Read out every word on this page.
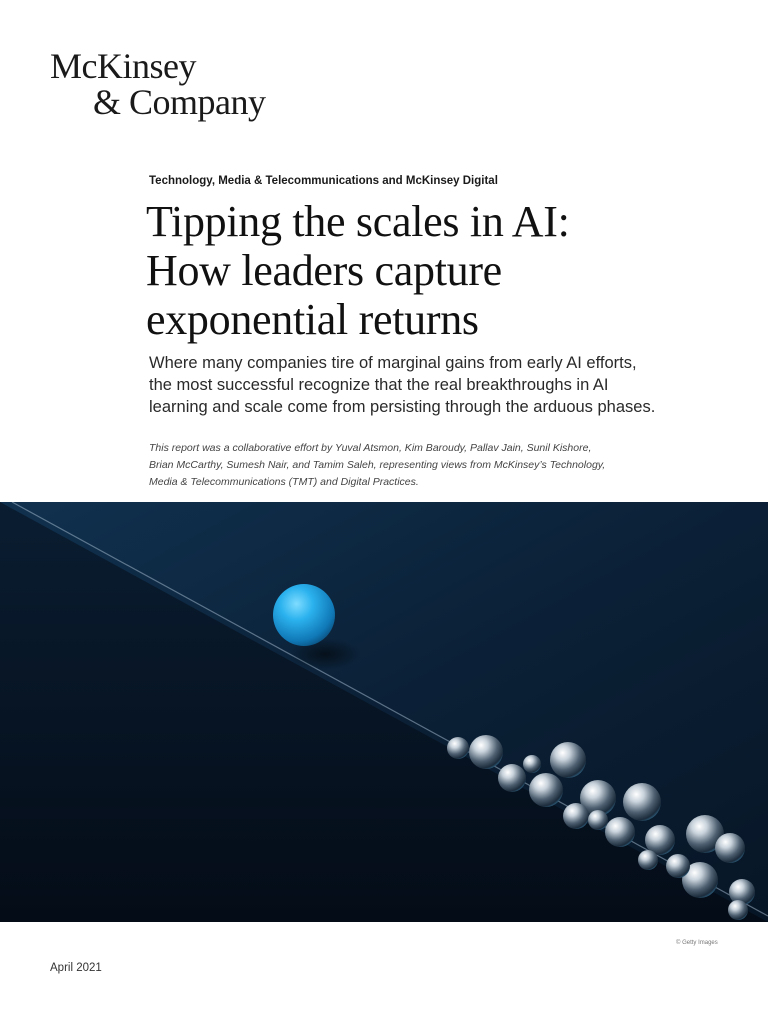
McKinsey
& Company
Technology, Media & Telecommunications and McKinsey Digital
Tipping the scales in AI:
How leaders capture
exponential returns
Where many companies tire of marginal gains from early AI efforts,
the most successful recognize that the real breakthroughs in AI
learning and scale come from persisting through the arduous phases.
This report was a collaborative effort by Yuval Atsmon, Kim Baroudy, Pallav Jain, Sunil Kishore,
Brian McCarthy, Sumesh Nair, and Tamim Saleh, representing views from McKinsey’s Technology,
Media & Telecommunications (TMT) and Digital Practices.
© Getty Images
April 2021
